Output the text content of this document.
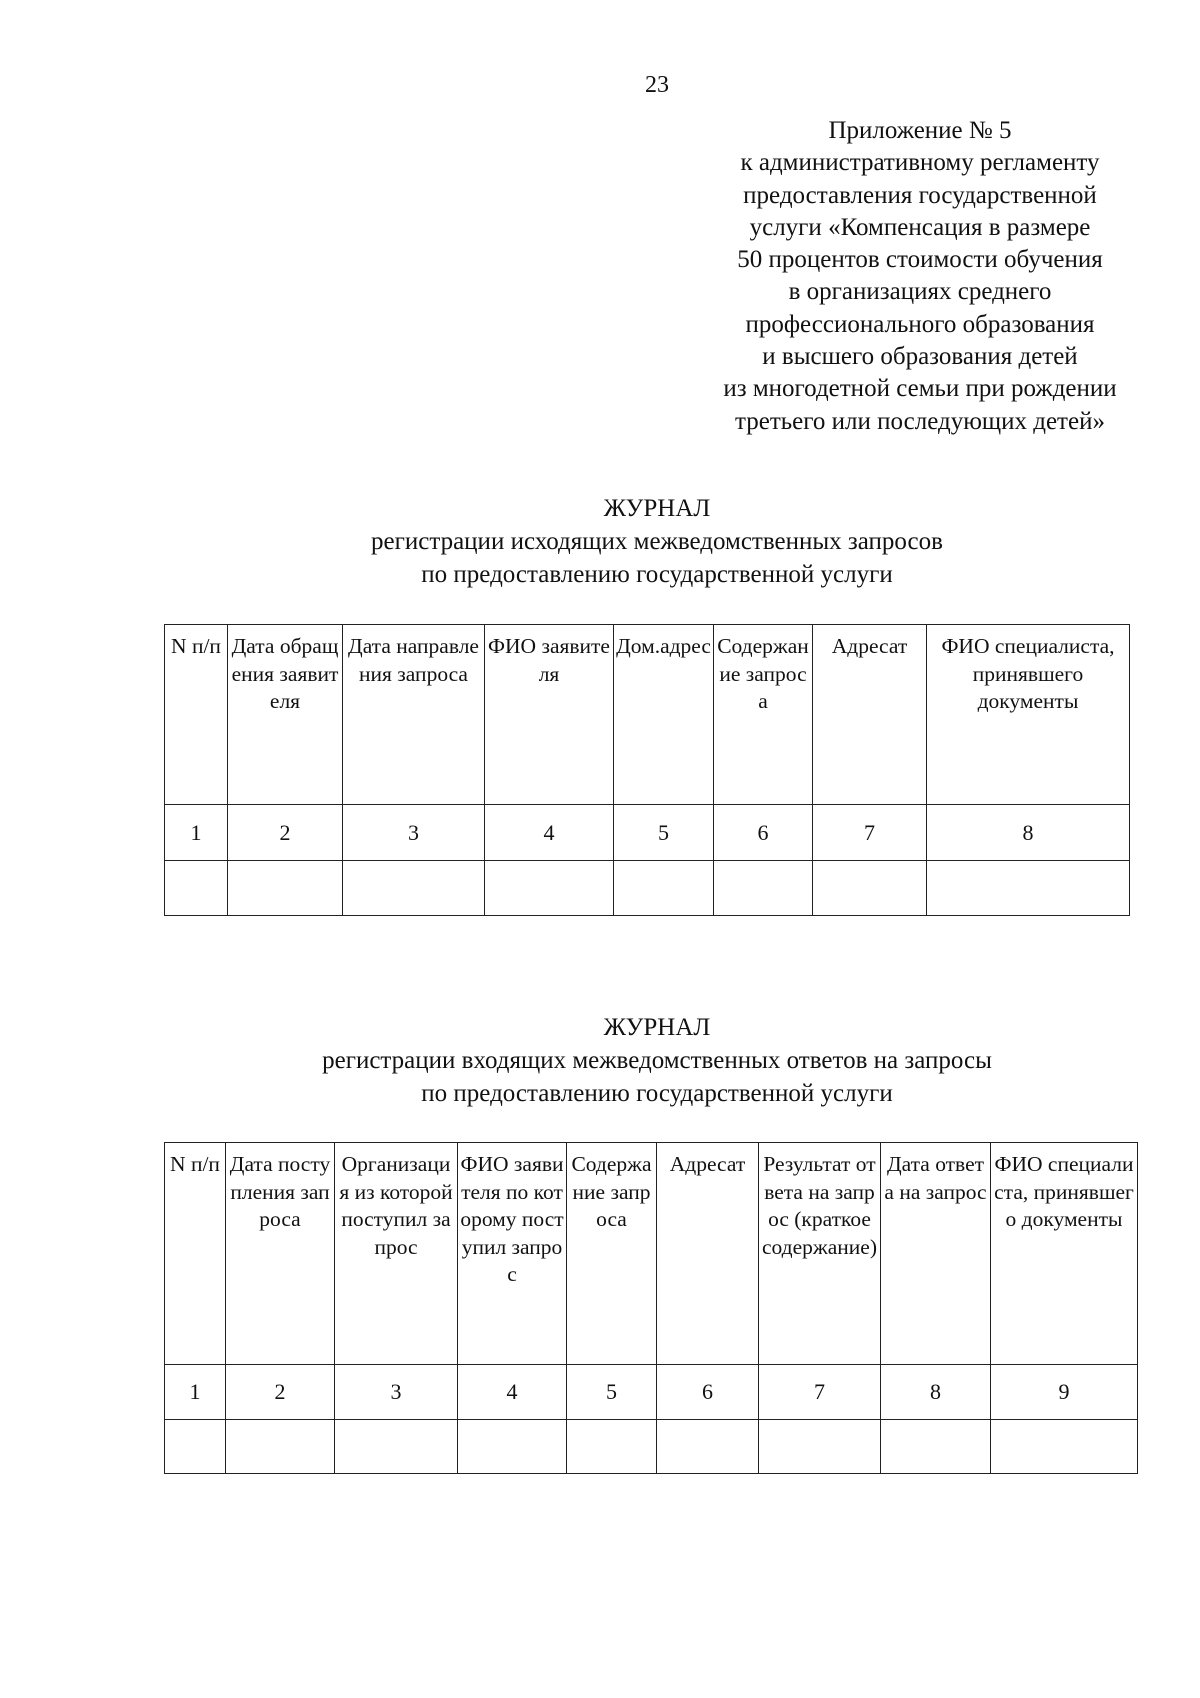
23
Приложение № 5
к административному регламенту
предоставления государственной
услуги «Компенсация в размере
50 процентов стоимости обучения
в организациях среднего
профессионального образования
и высшего образования детей
из многодетной семьи при рождении
третьего или последующих детей»
ЖУРНАЛ
регистрации исходящих межведомственных запросов
по предоставлению государственной услуги
N п/п	Дата обращения заявителя	Дата направления запроса	ФИО заявителя	Дом.адрес	Содержание запроса	Адресат	ФИО специалиста, принявшего документы
1	2	3	4	5	6	7	8

ЖУРНАЛ
регистрации входящих межведомственных ответов на запросы
по предоставлению государственной услуги
N п/п	Дата поступления запроса	Организация из которой поступил запрос	ФИО заявителя по которому поступил запрос	Содержание запроса	Адресат	Результат ответа на запрос (краткое содержание)	Дата ответа на запрос	ФИО специалиста, принявшего документы
1	2	3	4	5	6	7	8	9
